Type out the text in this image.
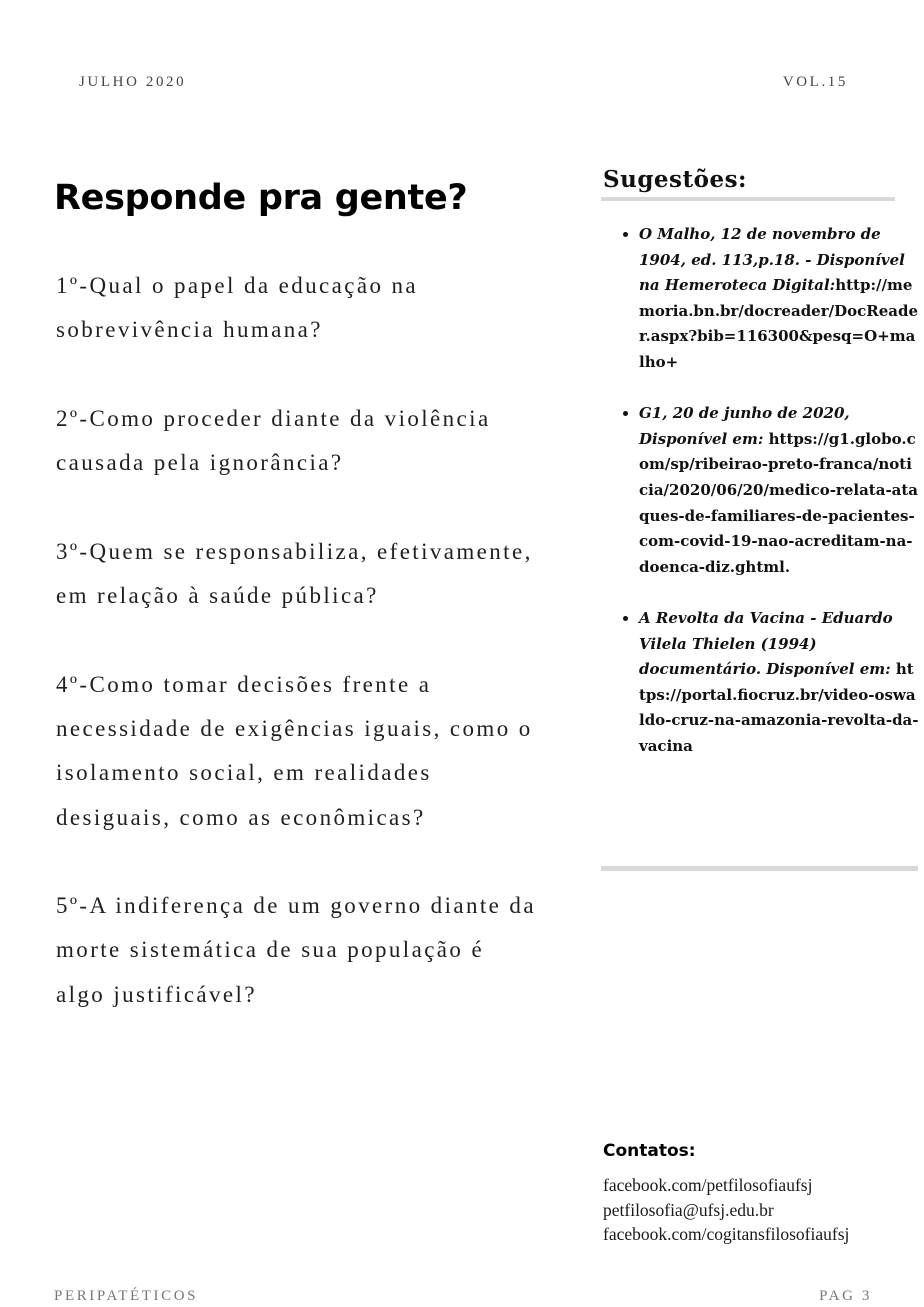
JULHO 2020	VOL.15
Responde pra gente?
1º-Qual o papel da educação na sobrevivência humana?
2º-Como proceder diante da violência causada pela ignorância?
3º-Quem se responsabiliza, efetivamente, em relação à saúde pública?
4º-Como tomar decisões frente a necessidade de exigências iguais, como o isolamento social, em realidades desiguais, como as econômicas?
5º-A indiferença de um governo diante da morte sistemática de sua população é algo justificável?
Sugestões:
• O Malho, 12 de novembro de 1904, ed. 113,p.18. - Disponível na Hemeroteca Digital:http://memoria.bn.br/docreader/DocReader.aspx?bib=116300&pesq=O+malho+
• G1, 20 de junho de 2020, Disponível em: https://g1.globo.com/sp/ribeirao-preto-franca/noticia/2020/06/20/medico-relata-ataques-de-familiares-de-pacientes-com-covid-19-nao-acreditam-na-doenca-diz.ghtml.
• A Revolta da Vacina - Eduardo Vilela Thielen (1994) documentário. Disponível em: https://portal.fiocruz.br/video-oswaldo-cruz-na-amazonia-revolta-da-vacina
Contatos:
facebook.com/petfilosofiaufsj
petfilosofia@ufsj.edu.br
facebook.com/cogitansfilosofiaufsj
PERIPATÉTICOS	PAG 3
